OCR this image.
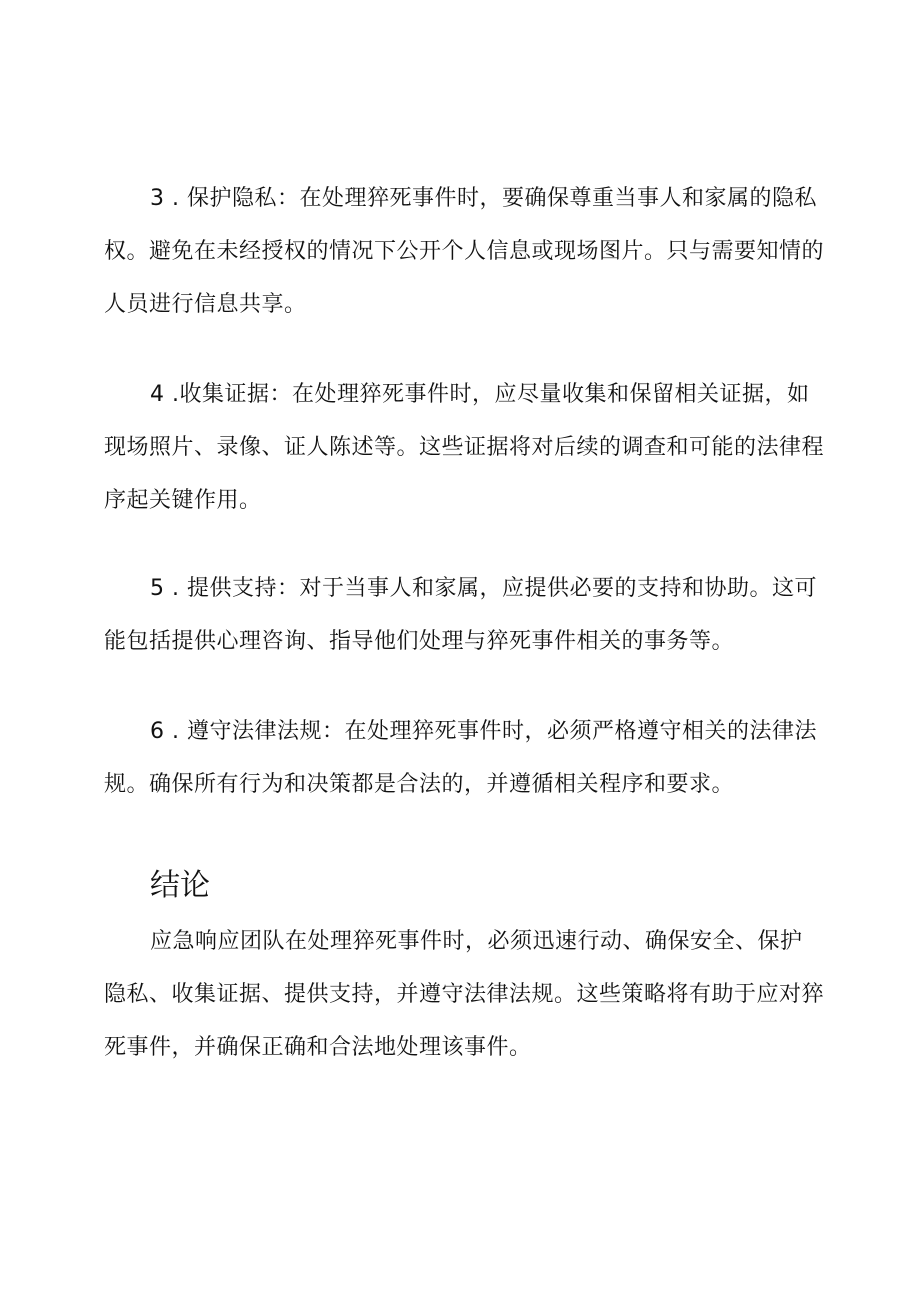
3 . 保护隐私：在处理猝死事件时，要确保尊重当事人和家属的隐私权。避免在未经授权的情况下公开个人信息或现场图片。只与需要知情的人员进行信息共享。

4 .收集证据：在处理猝死事件时，应尽量收集和保留相关证据，如现场照片、录像、证人陈述等。这些证据将对后续的调查和可能的法律程序起关键作用。

5 . 提供支持：对于当事人和家属，应提供必要的支持和协助。这可能包括提供心理咨询、指导他们处理与猝死事件相关的事务等。

6 . 遵守法律法规：在处理猝死事件时，必须严格遵守相关的法律法规。确保所有行为和决策都是合法的，并遵循相关程序和要求。

结论

应急响应团队在处理猝死事件时，必须迅速行动、确保安全、保护隐私、收集证据、提供支持，并遵守法律法规。这些策略将有助于应对猝死事件，并确保正确和合法地处理该事件。
